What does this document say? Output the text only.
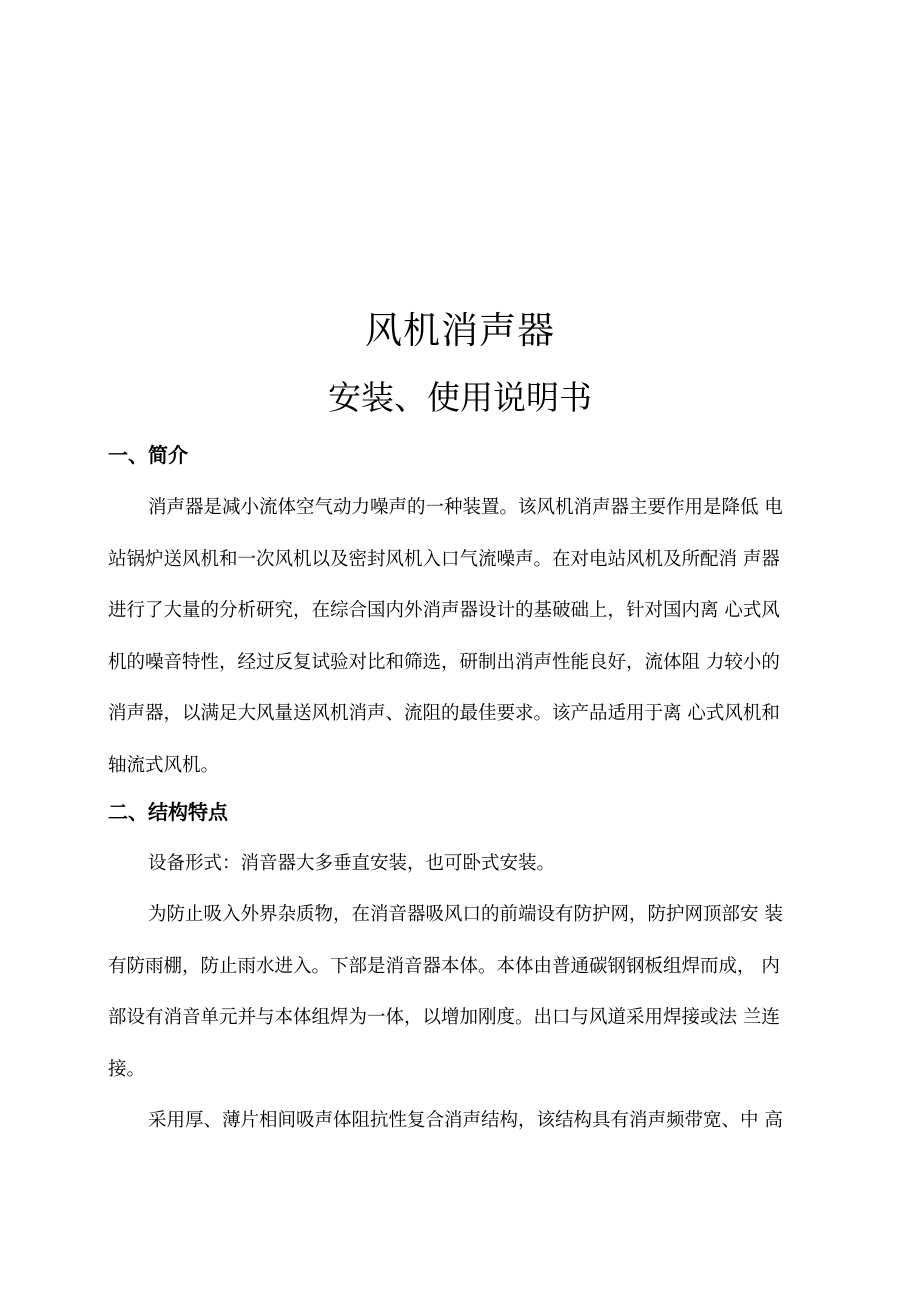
风机消声器
安装、使用说明书
一、简介
消声器是减小流体空气动力噪声的一种装置。该风机消声器主要作用是降低 电
站锅炉送风机和一次风机以及密封风机入口气流噪声。在对电站风机及所配消 声器
进行了大量的分析研究，在综合国内外消声器设计的基破础上，针对国内离 心式风
机的噪音特性，经过反复试验对比和筛选，研制出消声性能良好，流体阻 力较小的
消声器，以满足大风量送风机消声、流阻的最佳要求。该产品适用于离 心式风机和
轴流式风机。
二、结构特点
设备形式：消音器大多垂直安装，也可卧式安装。
为防止吸入外界杂质物，在消音器吸风口的前端设有防护网，防护网顶部安 装
有防雨棚，防止雨水进入。下部是消音器本体。本体由普通碳钢钢板组焊而成， 内
部设有消音单元并与本体组焊为一体，以增加刚度。出口与风道采用焊接或法 兰连
接。
采用厚、薄片相间吸声体阻抗性复合消声结构，该结构具有消声频带宽、中 高
